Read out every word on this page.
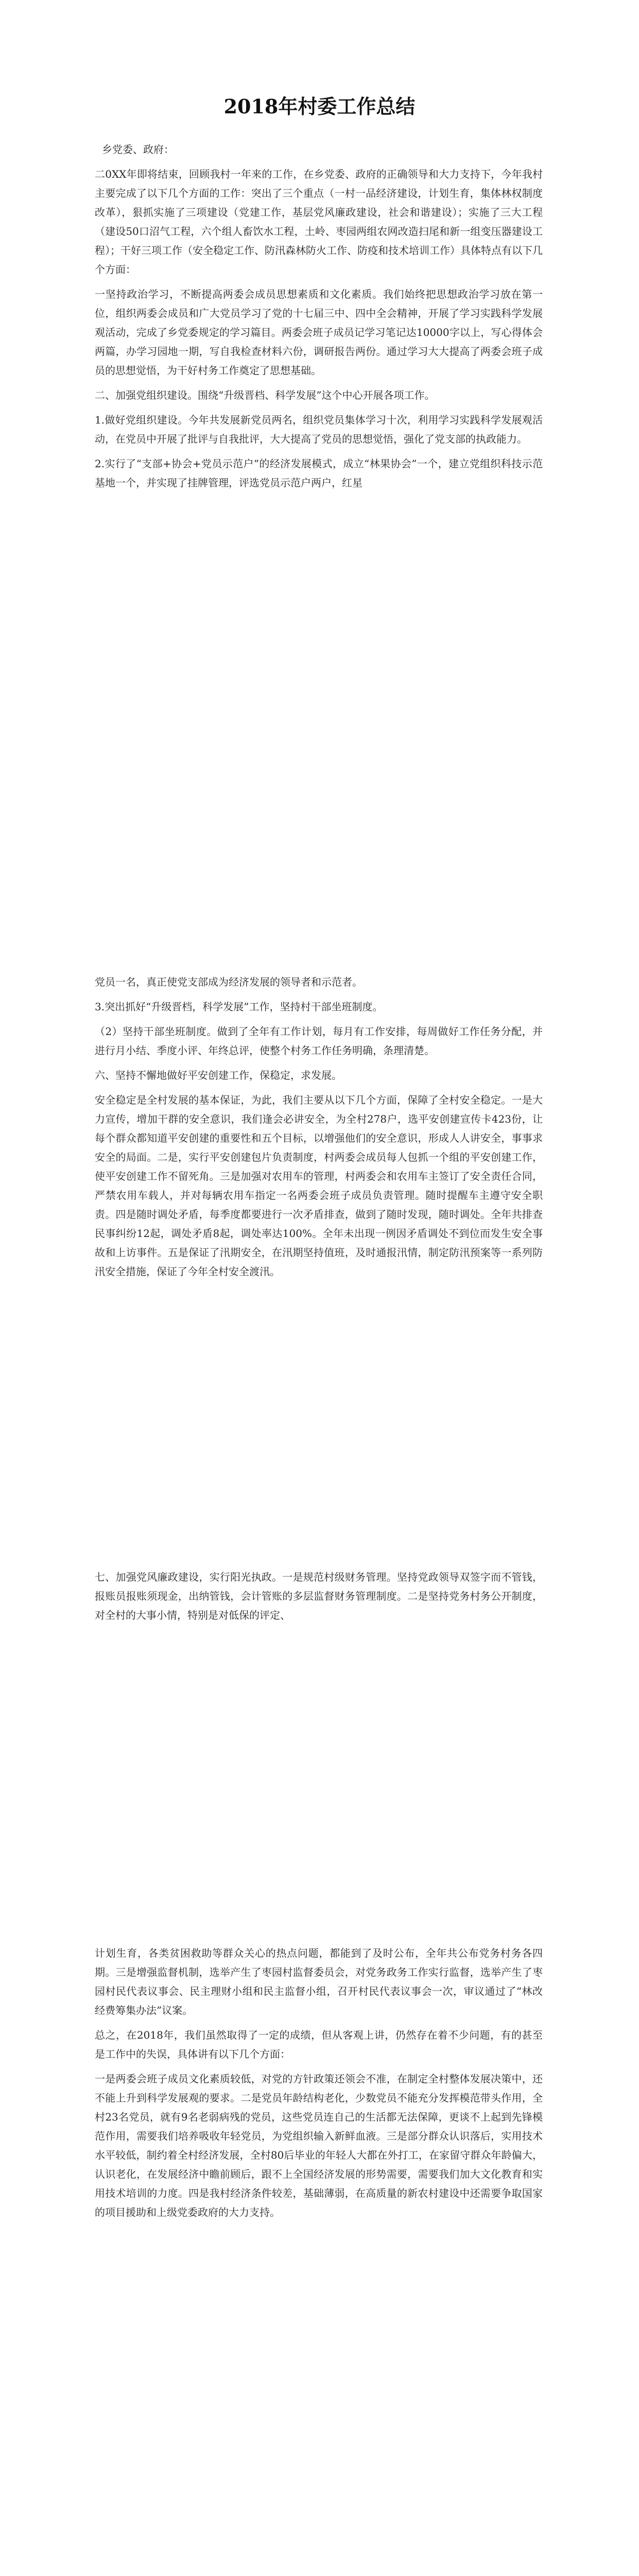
2018年村委工作总结

乡党委、政府：

二0XX年即将结束，回顾我村一年来的工作，在乡党委、政府的正确领导和大力支持下，今年我村主要完成了以下几个方面的工作：突出了三个重点（一村一品经济建设，计划生育，集体林权制度改革），狠抓实施了三项建设（党建工作，基层党风廉政建设，社会和谐建设）；实施了三大工程（建设50口沼气工程，六个组人畜饮水工程，土岭、枣园两组农网改造扫尾和新一组变压器建设工程）；干好三项工作（安全稳定工作、防汛森林防火工作、防疫和技术培训工作）具体特点有以下几个方面：

一坚持政治学习，不断提高两委会成员思想素质和文化素质。我们始终把思想政治学习放在第一位，组织两委会成员和广大党员学习了党的十七届三中、四中全会精神，开展了学习实践科学发展观活动，完成了乡党委规定的学习篇目。两委会班子成员记学习笔记达10000字以上，写心得体会两篇，办学习园地一期，写自我检查材料六份，调研报告两份。通过学习大大提高了两委会班子成员的思想觉悟，为干好村务工作奠定了思想基础。

二、加强党组织建设。围绕“升级晋档、科学发展”这个中心开展各项工作。

1.做好党组织建设。今年共发展新党员两名，组织党员集体学习十次，利用学习实践科学发展观活动，在党员中开展了批评与自我批评，大大提高了党员的思想觉悟，强化了党支部的执政能力。

2.实行了“支部+协会+党员示范户”的经济发展模式，成立“林果协会”一个，建立党组织科技示范基地一个，并实现了挂牌管理，评选党员示范户两户，红星

党员一名，真正使党支部成为经济发展的领导者和示范者。

3.突出抓好“升级晋档，科学发展”工作，坚持村干部坐班制度。

（2）坚持干部坐班制度。做到了全年有工作计划，每月有工作安排，每周做好工作任务分配，并进行月小结、季度小评、年终总评，使整个村务工作任务明确，条理清楚。

六、坚持不懈地做好平安创建工作，保稳定，求发展。

安全稳定是全村发展的基本保证，为此，我们主要从以下几个方面，保障了全村安全稳定。一是大力宣传，增加干群的安全意识，我们逢会必讲安全，为全村278户，选平安创建宣传卡423份，让每个群众都知道平安创建的重要性和五个目标，以增强他们的安全意识，形成人人讲安全，事事求安全的局面。二是，实行平安创建包片负责制度，村两委会成员每人包抓一个组的平安创建工作，使平安创建工作不留死角。三是加强对农用车的管理，村两委会和农用车主签订了安全责任合同，严禁农用车载人，并对每辆农用车指定一名两委会班子成员负责管理。随时提醒车主遵守安全职责。四是随时调处矛盾，每季度都要进行一次矛盾排查，做到了随时发现，随时调处。全年共排查民事纠纷12起，调处矛盾8起，调处率达100%。全年未出现一例因矛盾调处不到位而发生安全事故和上访事件。五是保证了汛期安全，在汛期坚持值班，及时通报汛情，制定防汛预案等一系列防汛安全措施，保证了今年全村安全渡汛。

七、加强党风廉政建设，实行阳光执政。一是规范村级财务管理。坚持党政领导双签字而不管钱，报账员报账须现金，出纳管钱，会计管账的多层监督财务管理制度。二是坚持党务村务公开制度，对全村的大事小情，特别是对低保的评定、

计划生育，各类贫困救助等群众关心的热点问题，都能到了及时公布，全年共公布党务村务各四期。三是增强监督机制，选举产生了枣园村监督委员会，对党务政务工作实行监督，选举产生了枣园村民代表议事会、民主理财小组和民主监督小组，召开村民代表议事会一次，审议通过了“林改经费筹集办法”议案。

总之，在2018年，我们虽然取得了一定的成绩，但从客观上讲，仍然存在着不少问题，有的甚至是工作中的失误，具体讲有以下几个方面：

一是两委会班子成员文化素质较低，对党的方针政策还领会不准，在制定全村整体发展决策中，还不能上升到科学发展观的要求。二是党员年龄结构老化，少数党员不能充分发挥模范带头作用，全村23名党员，就有9名老弱病残的党员，这些党员连自己的生活都无法保障，更谈不上起到先锋模范作用，需要我们培养吸收年轻党员，为党组织输入新鲜血液。三是部分群众认识落后，实用技术水平较低，制约着全村经济发展，全村80后毕业的年轻人大都在外打工，在家留守群众年龄偏大，认识老化，在发展经济中瞻前顾后，跟不上全国经济发展的形势需要，需要我们加大文化教育和实用技术培训的力度。四是我村经济条件较差，基础薄弱，在高质量的新农村建设中还需要争取国家的项目援助和上级党委政府的大力支持。
